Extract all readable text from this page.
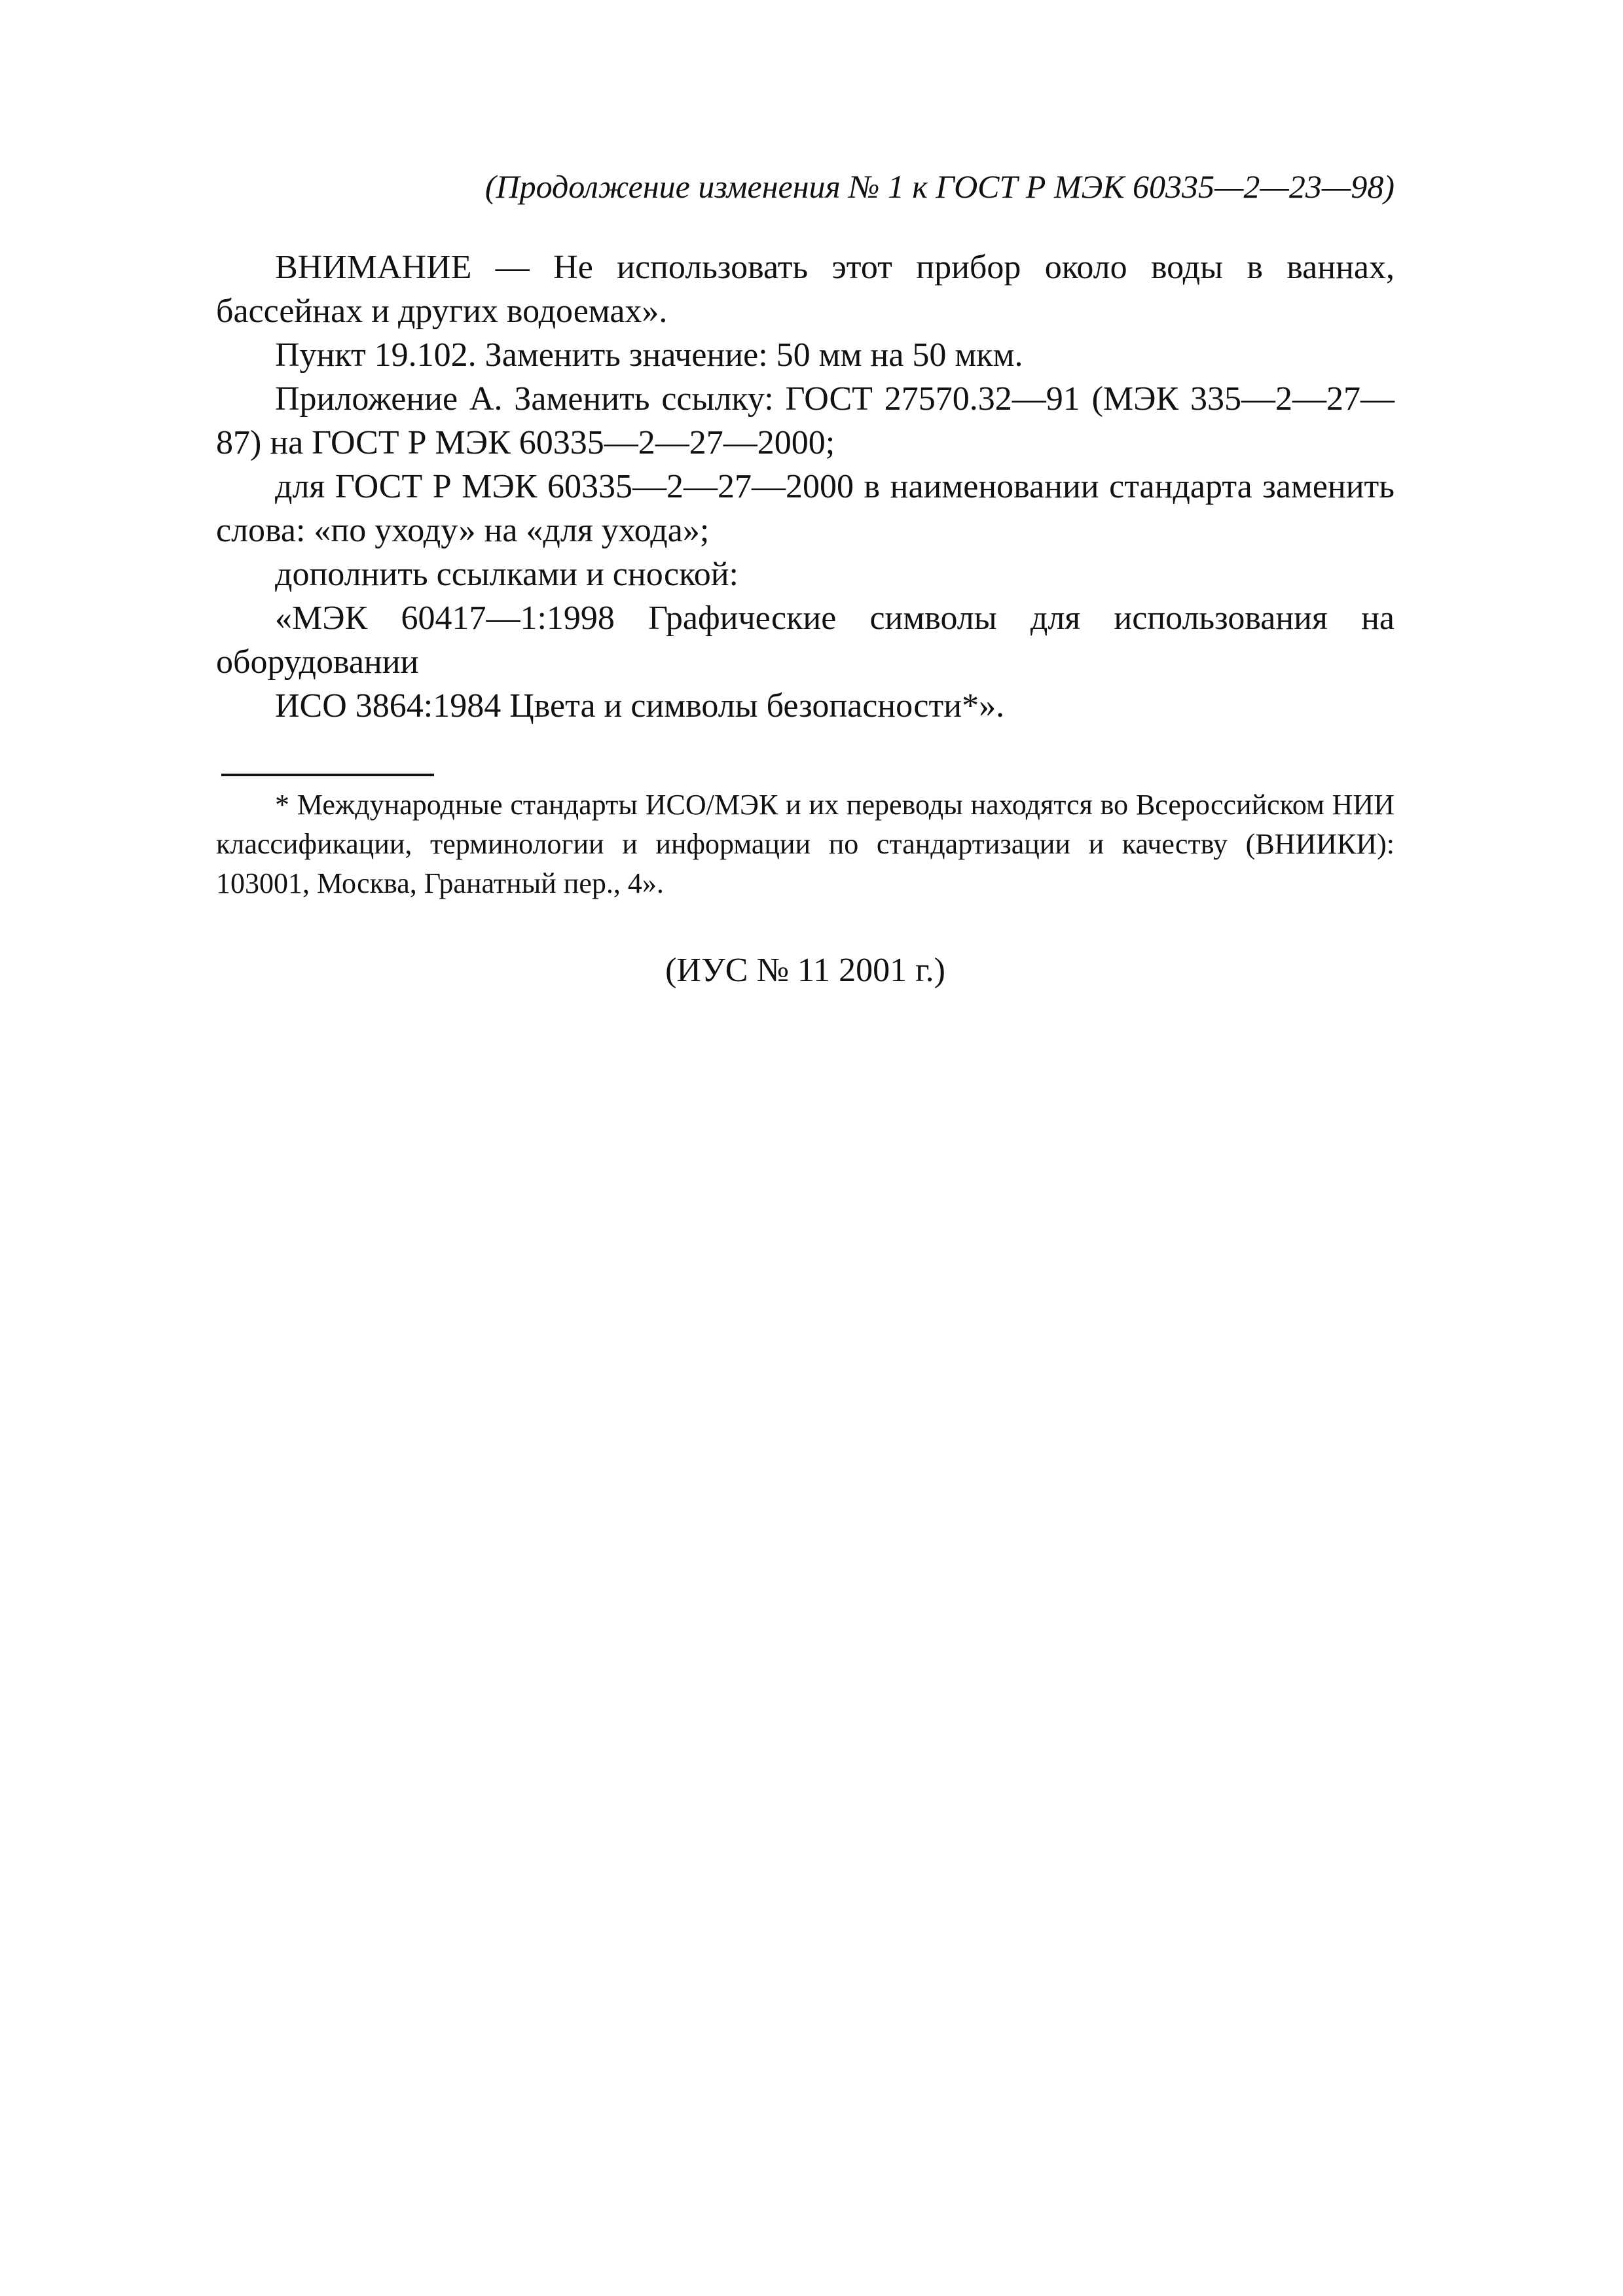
(Продолжение изменения № 1 к ГОСТ Р МЭК 60335—2—23—98)

ВНИМАНИЕ — Не использовать этот прибор около воды в ваннах, бассейнах и других водоемах».

Пункт 19.102. Заменить значение: 50 мм на 50 мкм.

Приложение А. Заменить ссылку: ГОСТ 27570.32—91 (МЭК 335—2—27—87) на ГОСТ Р МЭК 60335—2—27—2000;

для ГОСТ Р МЭК 60335—2—27—2000 в наименовании стандарта заменить слова: «по уходу» на «для ухода»;

дополнить ссылками и сноской:

«МЭК 60417—1:1998 Графические символы для использования на оборудовании

ИСО 3864:1984 Цвета и символы безопасности*».

* Международные стандарты ИСО/МЭК и их переводы находятся во Всероссийском НИИ классификации, терминологии и информации по стандартизации и качеству (ВНИИКИ): 103001, Москва, Гранатный пер., 4».

(ИУС № 11 2001 г.)
